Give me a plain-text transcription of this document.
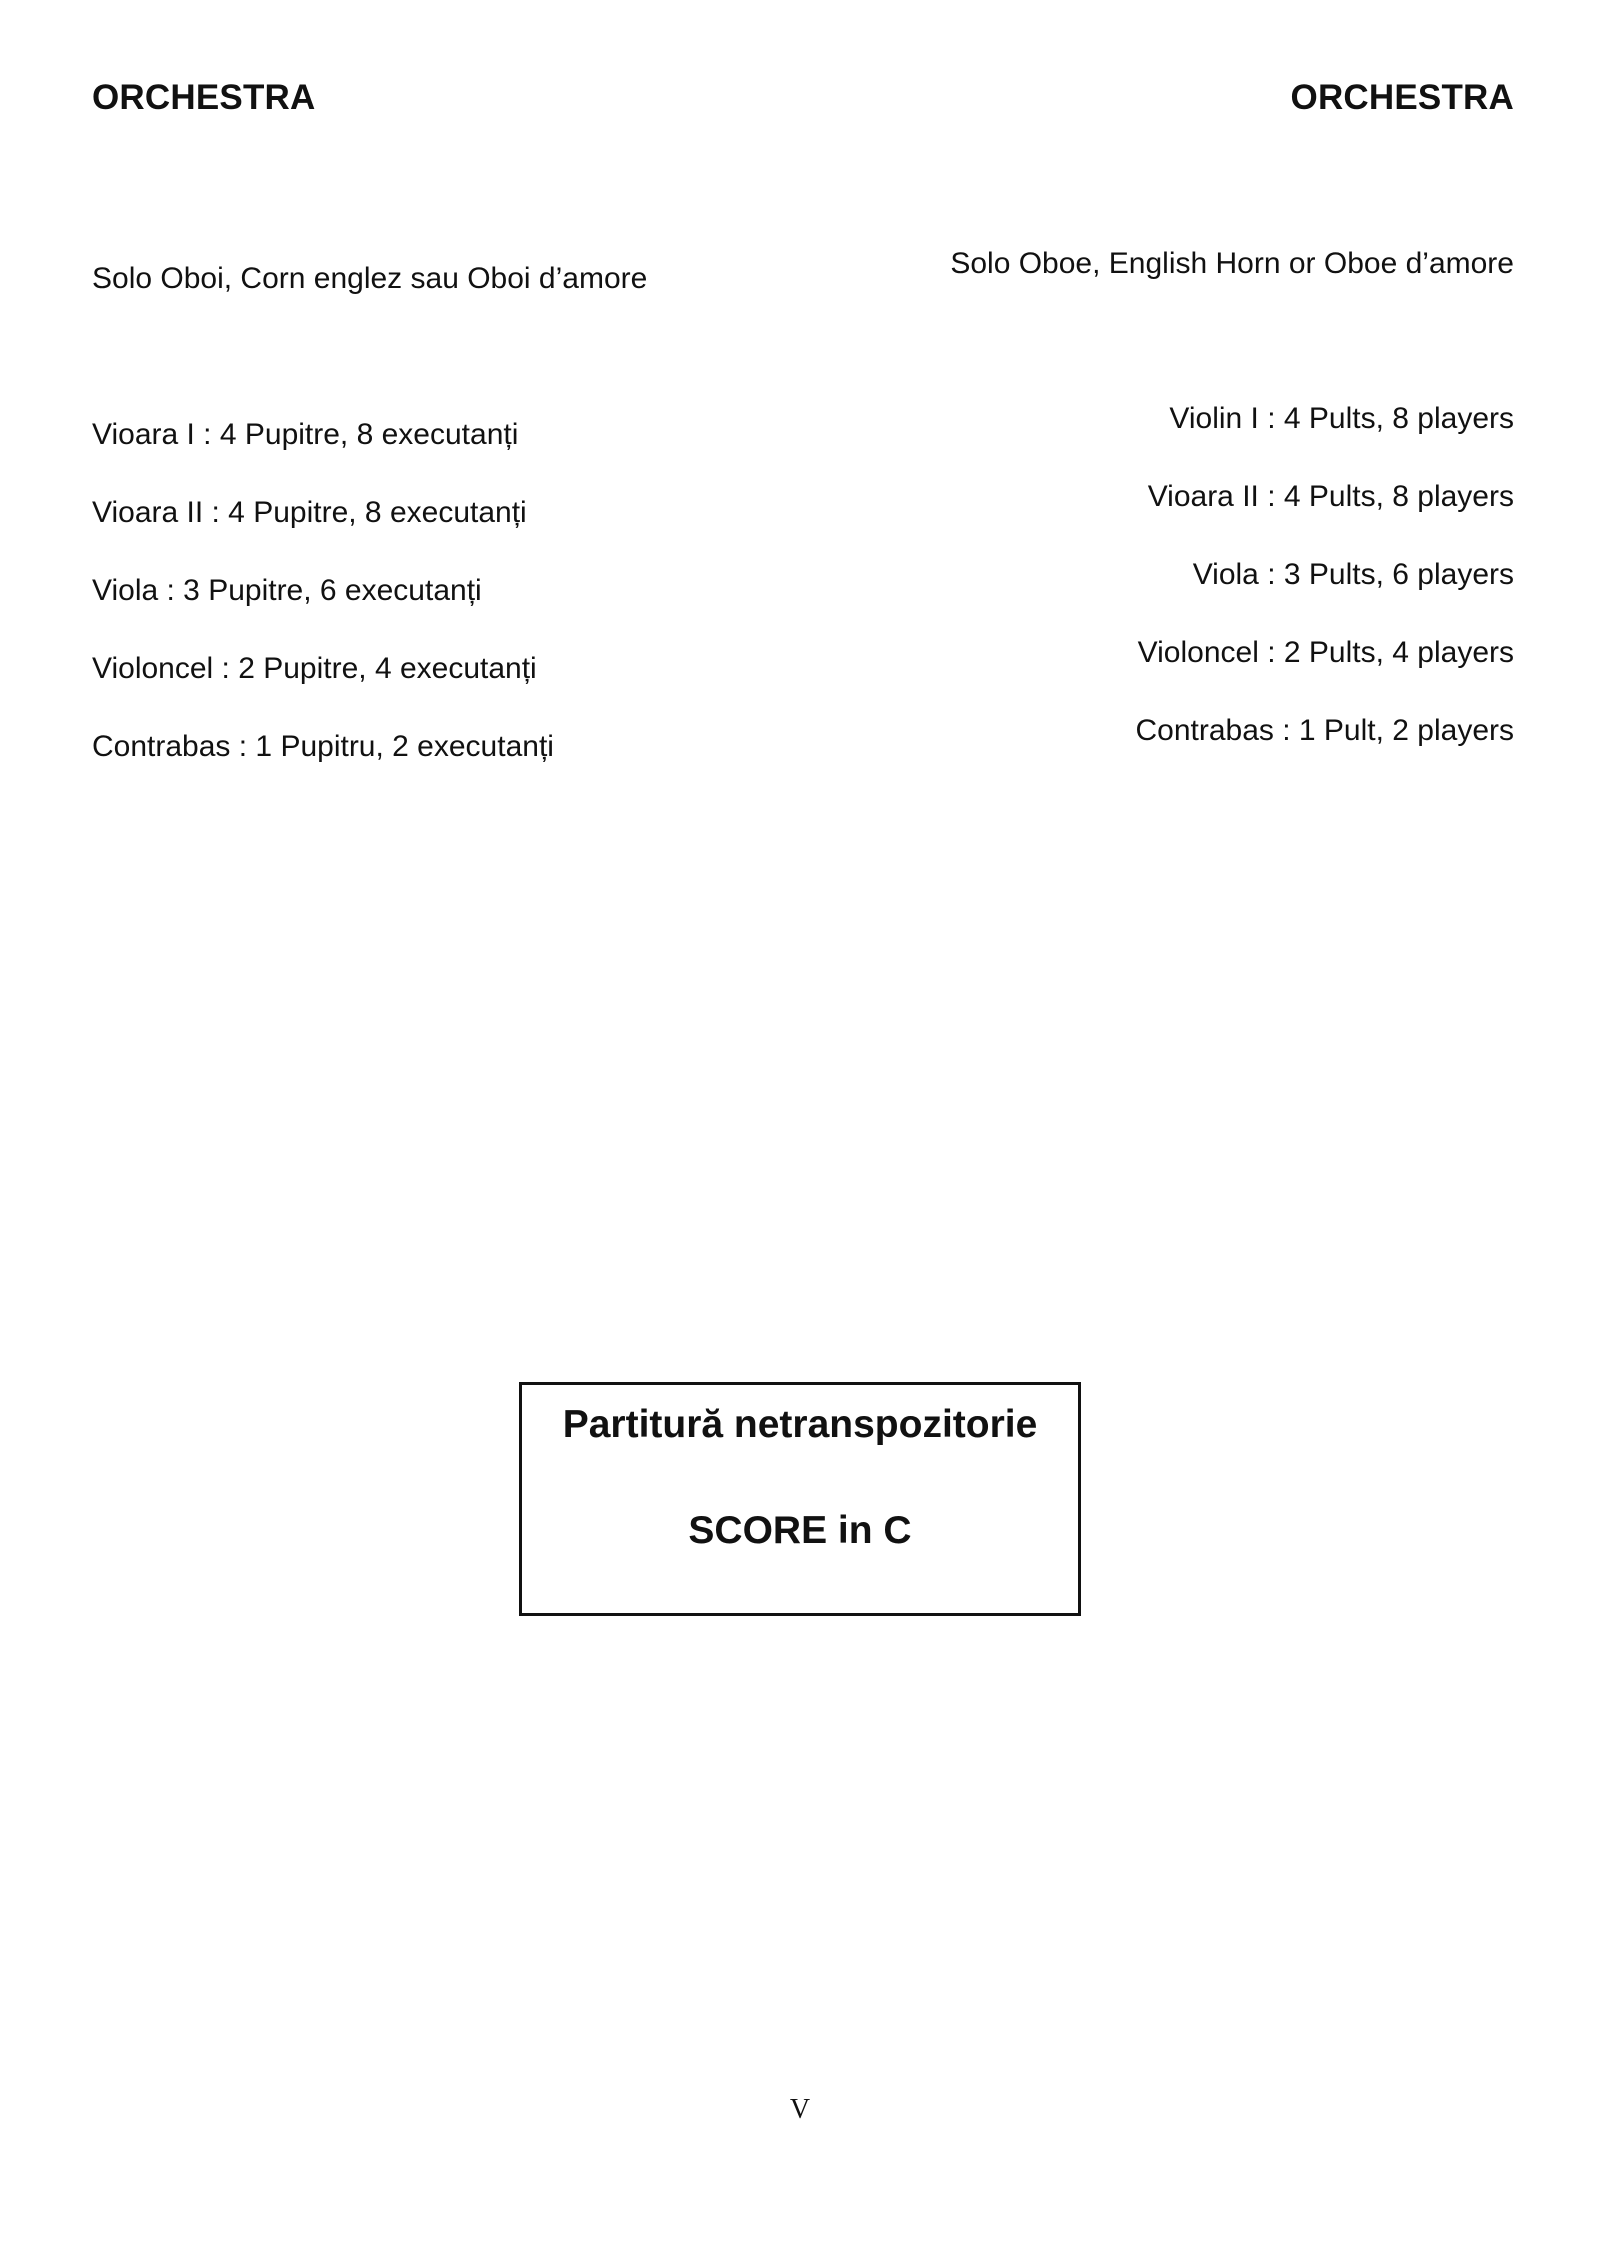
ORCHESTRA
Solo Oboi, Corn englez sau Oboi d’amore
Vioara I : 4 Pupitre, 8 executanți
Vioara II : 4 Pupitre, 8 executanți
Viola : 3 Pupitre, 6 executanți
Violoncel : 2 Pupitre, 4 executanți
Contrabas : 1 Pupitru, 2 executanți
ORCHESTRA
Solo Oboe, English Horn or Oboe d’amore
Violin I : 4 Pults, 8 players
Vioara II : 4 Pults, 8 players
Viola : 3 Pults, 6 players
Violoncel : 2 Pults, 4 players
Contrabas : 1 Pult, 2 players
Partitură netranspozitorie
SCORE in C
V
